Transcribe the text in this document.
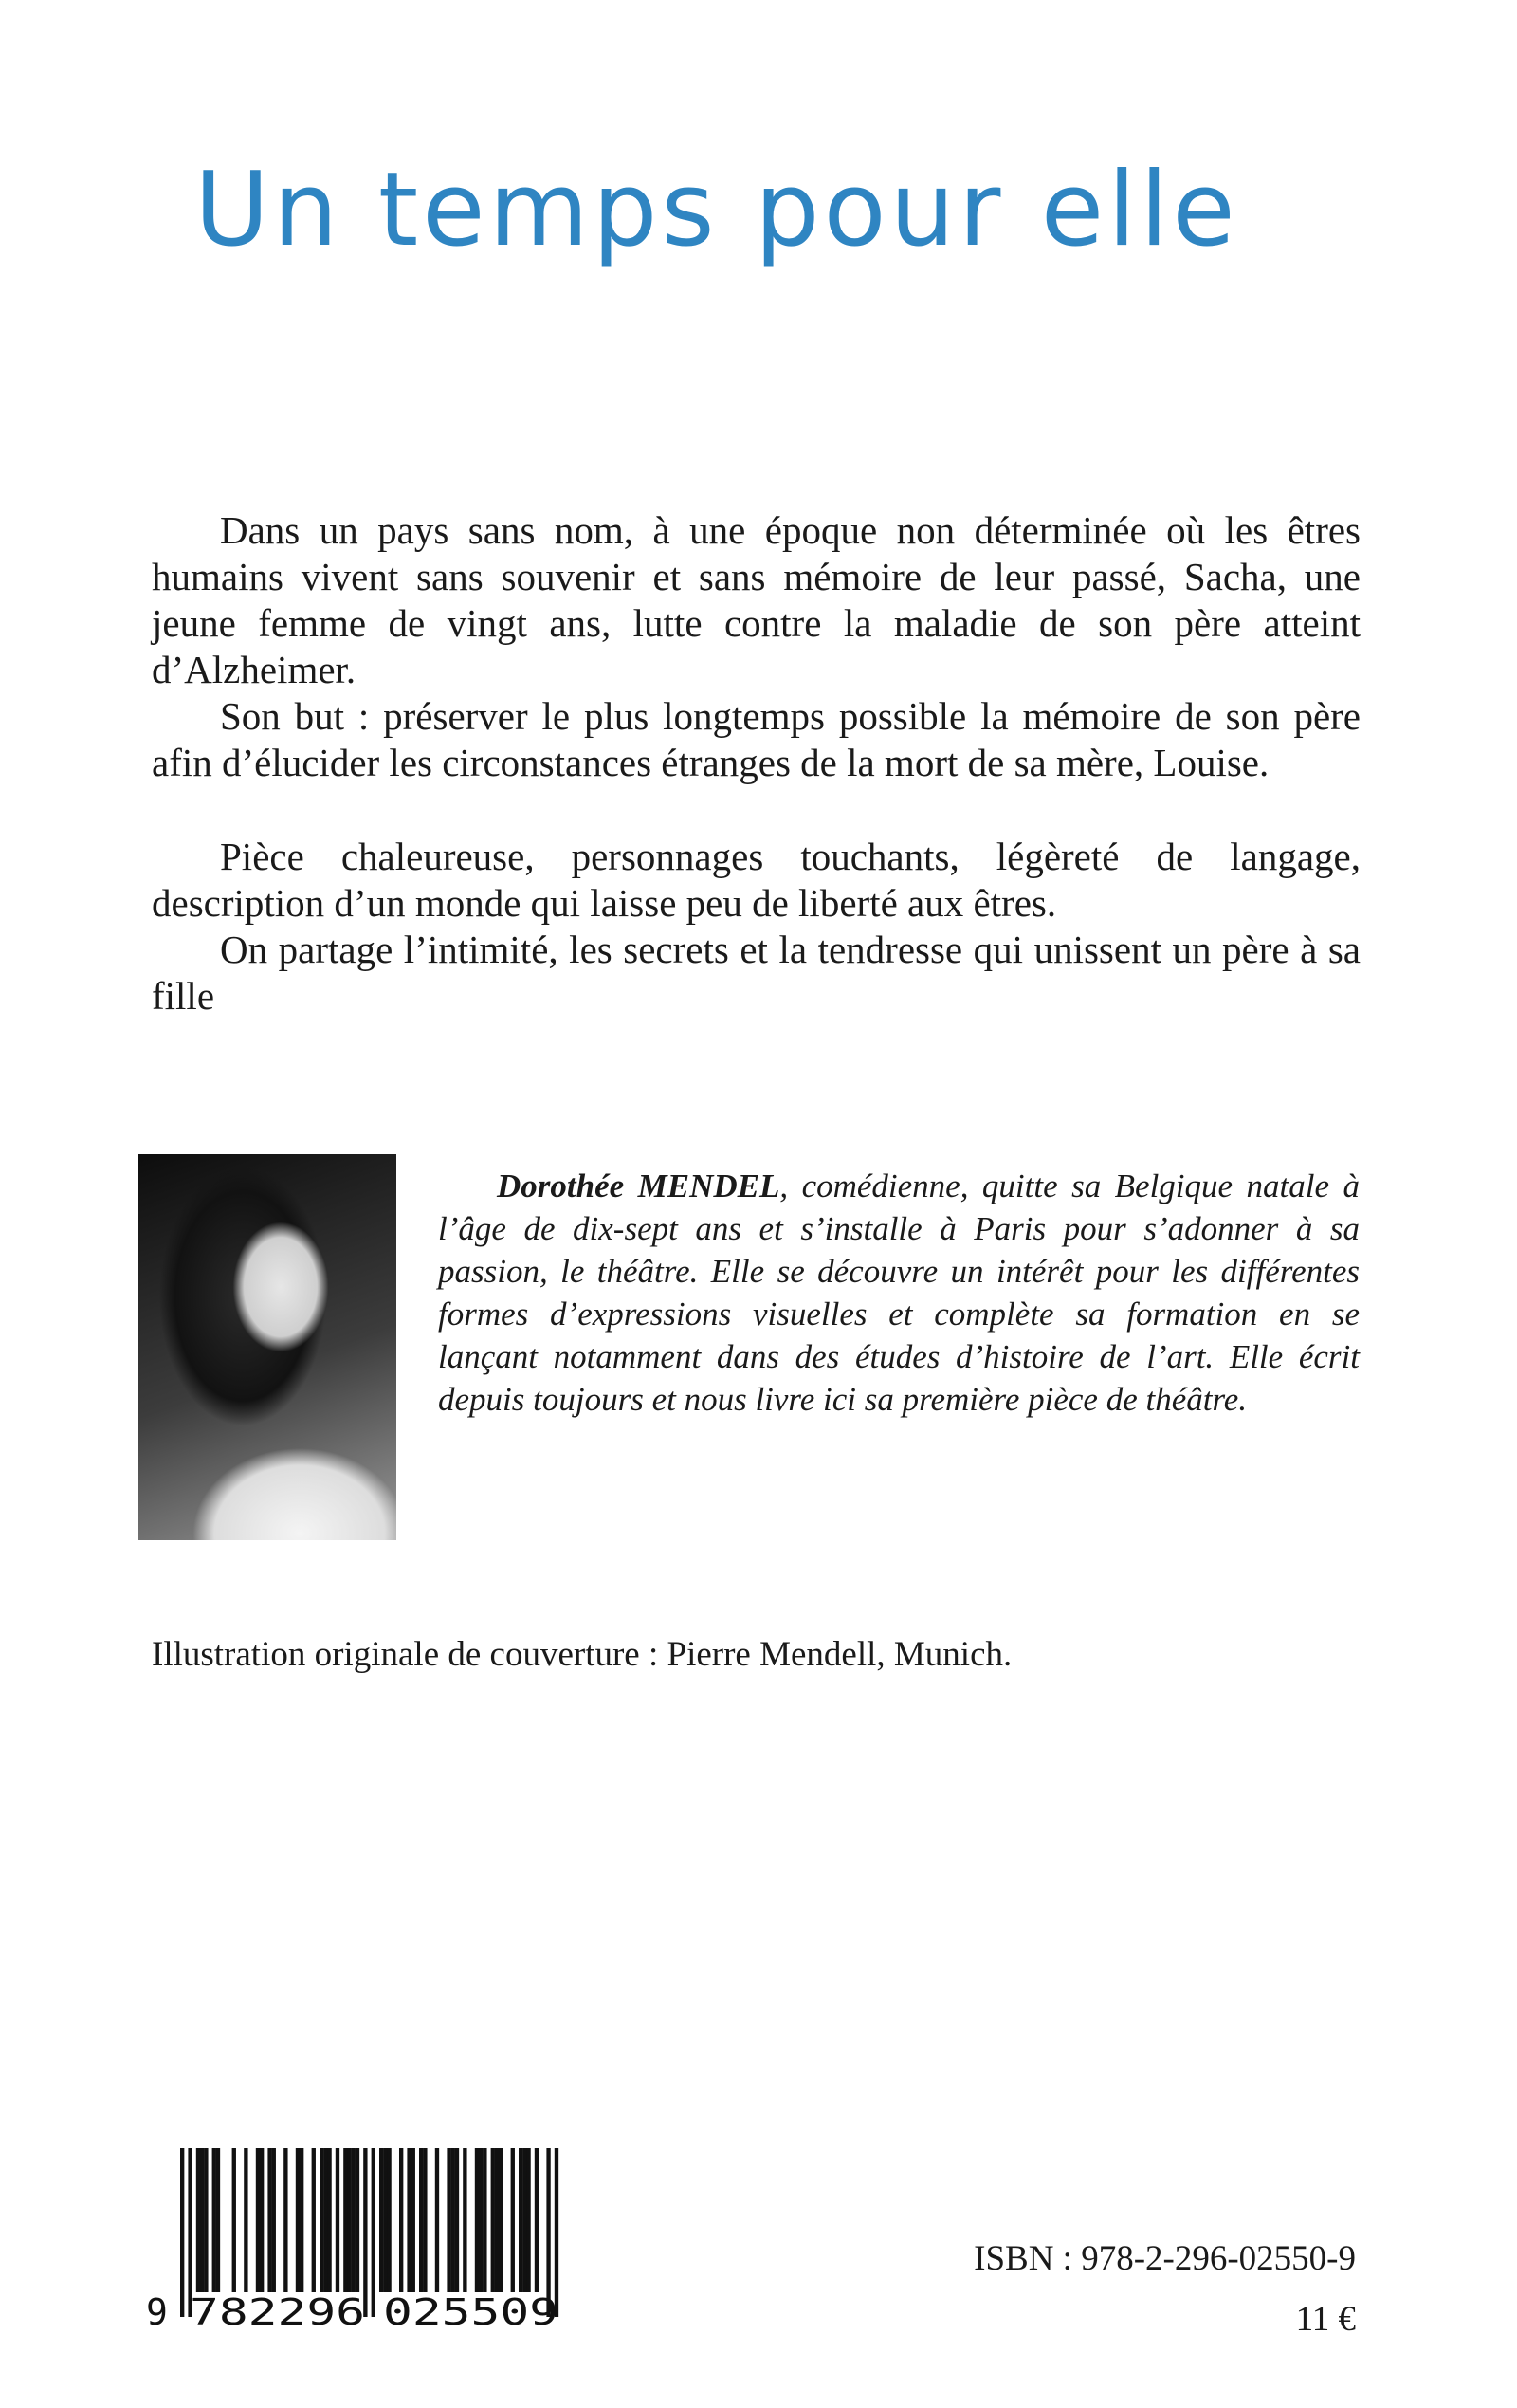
Un temps pour elle

Dans un pays sans nom, à une époque non déterminée où les êtres humains vivent sans souvenir et sans mémoire de leur passé, Sacha, une jeune femme de vingt ans, lutte contre la maladie de son père atteint d’Alzheimer.

Son but : préserver le plus longtemps possible la mémoire de son père afin d’élucider les circonstances étranges de la mort de sa mère, Louise.

Pièce chaleureuse, personnages touchants, légèreté de langage, description d’un monde qui laisse peu de liberté aux êtres.

On partage l’intimité, les secrets et la tendresse qui unissent un père à sa fille

Dorothée MENDEL, comédienne, quitte sa Belgique natale à l’âge de dix-sept ans et s’installe à Paris pour s’adonner à sa passion, le théâtre. Elle se découvre un intérêt pour les différentes formes d’expressions visuelles et complète sa formation en se lançant notamment dans des études d’histoire de l’art. Elle écrit depuis toujours et nous livre ici sa première pièce de théâtre.

Illustration originale de couverture : Pierre Mendell, Munich.

9 782296 025509

ISBN : 978-2-296-02550-9

11 €
